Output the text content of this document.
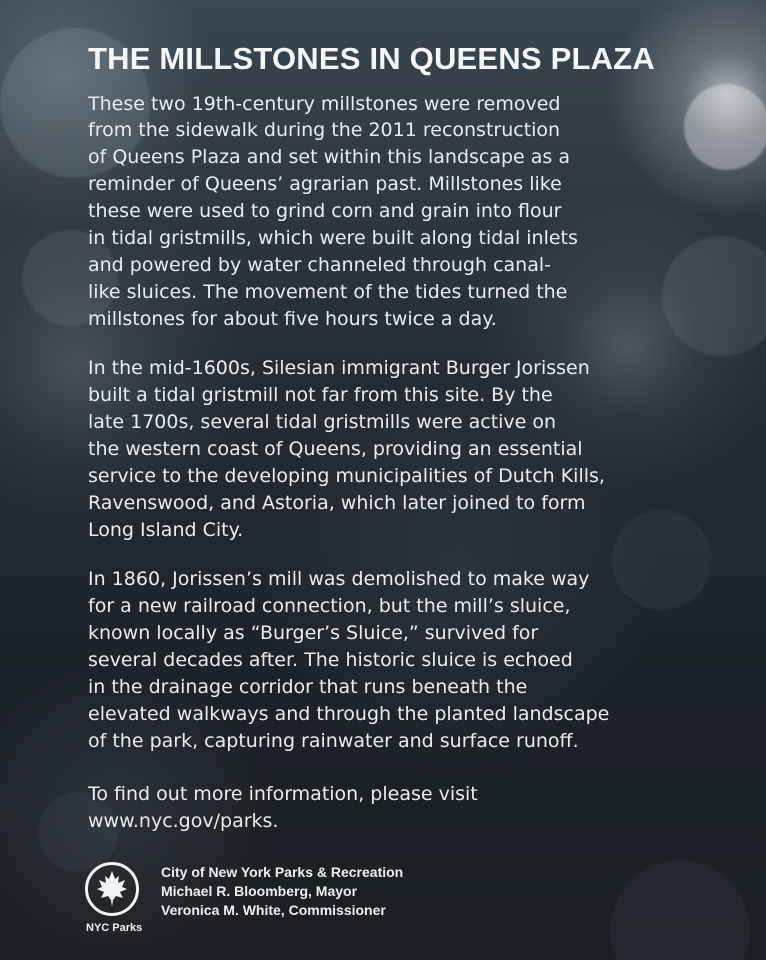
THE MILLSTONES IN QUEENS PLAZA
These two 19th-century millstones were removed
from the sidewalk during the 2011 reconstruction
of Queens Plaza and set within this landscape as a
reminder of Queens’ agrarian past. Millstones like
these were used to grind corn and grain into flour
in tidal gristmills, which were built along tidal inlets
and powered by water channeled through canal-
like sluices. The movement of the tides turned the
millstones for about five hours twice a day.
In the mid-1600s, Silesian immigrant Burger Jorissen
built a tidal gristmill not far from this site. By the
late 1700s, several tidal gristmills were active on
the western coast of Queens, providing an essential
service to the developing municipalities of Dutch Kills,
Ravenswood, and Astoria, which later joined to form
Long Island City.
In 1860, Jorissen’s mill was demolished to make way
for a new railroad connection, but the mill’s sluice,
known locally as “Burger’s Sluice,” survived for
several decades after. The historic sluice is echoed
in the drainage corridor that runs beneath the
elevated walkways and through the planted landscape
of the park, capturing rainwater and surface runoff.
To find out more information, please visit
www.nyc.gov/parks.
NYC Parks
City of New York Parks & Recreation
Michael R. Bloomberg, Mayor
Veronica M. White, Commissioner
